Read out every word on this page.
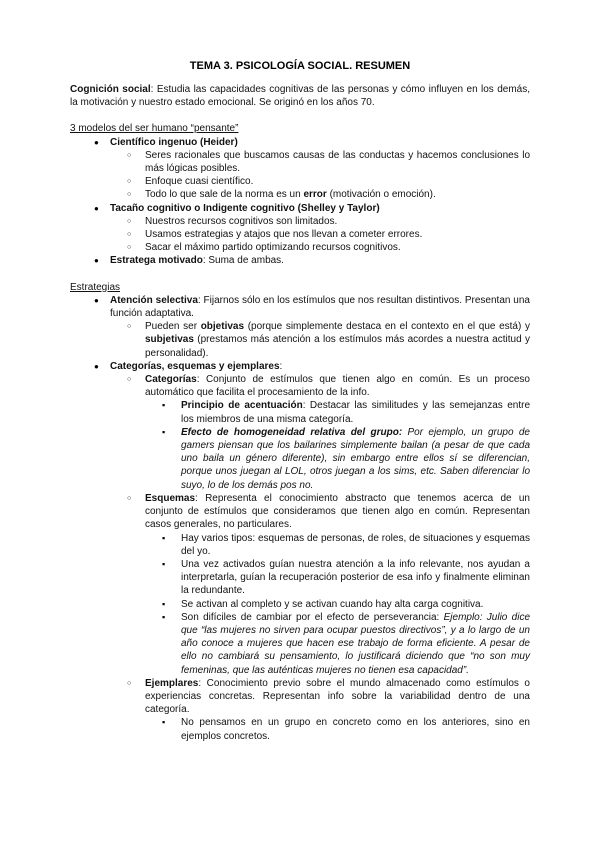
TEMA 3. PSICOLOGÍA SOCIAL. RESUMEN
Cognición social: Estudia las capacidades cognitivas de las personas y cómo influyen en los demás, la motivación y nuestro estado emocional. Se originó en los años 70.
3 modelos del ser humano “pensante”
● Científico ingenuo (Heider)
○ Seres racionales que buscamos causas de las conductas y hacemos conclusiones lo más lógicas posibles.
○ Enfoque cuasi científico.
○ Todo lo que sale de la norma es un error (motivación o emoción).
● Tacaño cognitivo o Indigente cognitivo (Shelley y Taylor)
○ Nuestros recursos cognitivos son limitados.
○ Usamos estrategias y atajos que nos llevan a cometer errores.
○ Sacar el máximo partido optimizando recursos cognitivos.
● Estratega motivado: Suma de ambas.
Estrategias
● Atención selectiva: Fijarnos sólo en los estímulos que nos resultan distintivos. Presentan una función adaptativa.
○ Pueden ser objetivas (porque simplemente destaca en el contexto en el que está) y subjetivas (prestamos más atención a los estímulos más acordes a nuestra actitud y personalidad).
● Categorías, esquemas y ejemplares:
○ Categorías: Conjunto de estímulos que tienen algo en común. Es un proceso automático que facilita el procesamiento de la info.
▪ Principio de acentuación: Destacar las similitudes y las semejanzas entre los miembros de una misma categoría.
▪ Efecto de homogeneidad relativa del grupo: Por ejemplo, un grupo de gamers piensan que los bailarines simplemente bailan (a pesar de que cada uno baila un género diferente), sin embargo entre ellos sí se diferencian, porque unos juegan al LOL, otros juegan a los sims, etc. Saben diferenciar lo suyo, lo de los demás pos no.
○ Esquemas: Representa el conocimiento abstracto que tenemos acerca de un conjunto de estímulos que consideramos que tienen algo en común. Representan casos generales, no particulares.
▪ Hay varios tipos: esquemas de personas, de roles, de situaciones y esquemas del yo.
▪ Una vez activados guían nuestra atención a la info relevante, nos ayudan a interpretarla, guían la recuperación posterior de esa info y finalmente eliminan la redundante.
▪ Se activan al completo y se activan cuando hay alta carga cognitiva.
▪ Son difíciles de cambiar por el efecto de perseverancia: Ejemplo: Julio dice que “las mujeres no sirven para ocupar puestos directivos”, y a lo largo de un año conoce a mujeres que hacen ese trabajo de forma eficiente. A pesar de ello no cambiará su pensamiento, lo justificará diciendo que “no son muy femeninas, que las auténticas mujeres no tienen esa capacidad”.
○ Ejemplares: Conocimiento previo sobre el mundo almacenado como estímulos o experiencias concretas. Representan info sobre la variabilidad dentro de una categoría.
▪ No pensamos en un grupo en concreto como en los anteriores, sino en ejemplos concretos.
